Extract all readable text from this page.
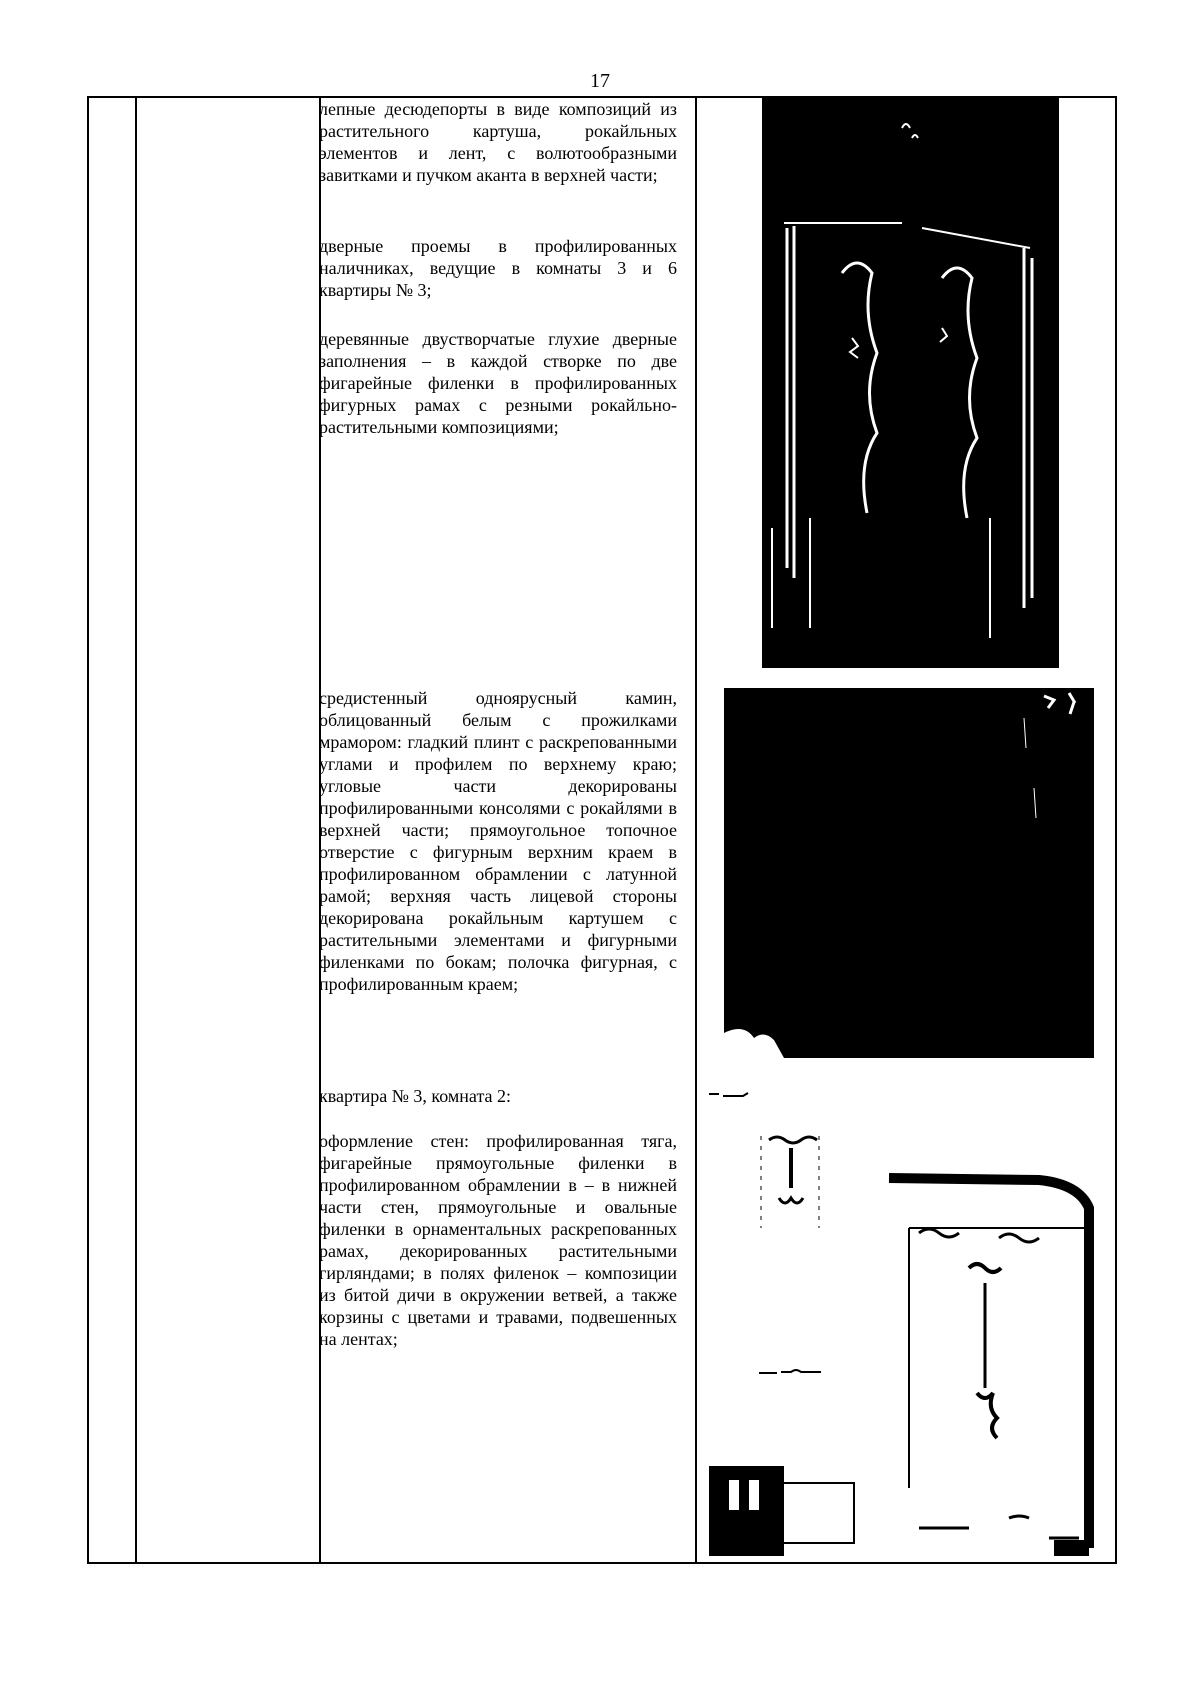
17
лепные десюдепорты в виде композиций из растительного картуша, рокайльных элементов и лент, с волютообразными завитками и пучком аканта в верхней части;
дверные проемы в профилированных наличниках, ведущие в комнаты 3 и 6 квартиры № 3;
деревянные двустворчатые глухие дверные заполнения – в каждой створке по две фигарейные филенки в профилированных фигурных рамах с резными рокайльно-растительными композициями;
средистенный одноярусный камин, облицованный белым с прожилками мрамором: гладкий плинт с раскрепованными углами и профилем по верхнему краю; угловые части декорированы профилированными консолями с рокайлями в верхней части; прямоугольное топочное отверстие с фигурным верхним краем в профилированном обрамлении с латунной рамой; верхняя часть лицевой стороны декорирована рокайльным картушем с растительными элементами и фигурными филенками по бокам; полочка фигурная, с профилированным краем;
квартира № 3, комната 2:
оформление стен: профилированная тяга, фигарейные прямоугольные филенки в профилированном обрамлении в – в нижней части стен, прямоугольные и овальные филенки в орнаментальных раскрепованных рамах, декорированных растительными гирляндами; в полях филенок – композиции из битой дичи в окружении ветвей, а также корзины с цветами и травами, подвешенных на лентах;
